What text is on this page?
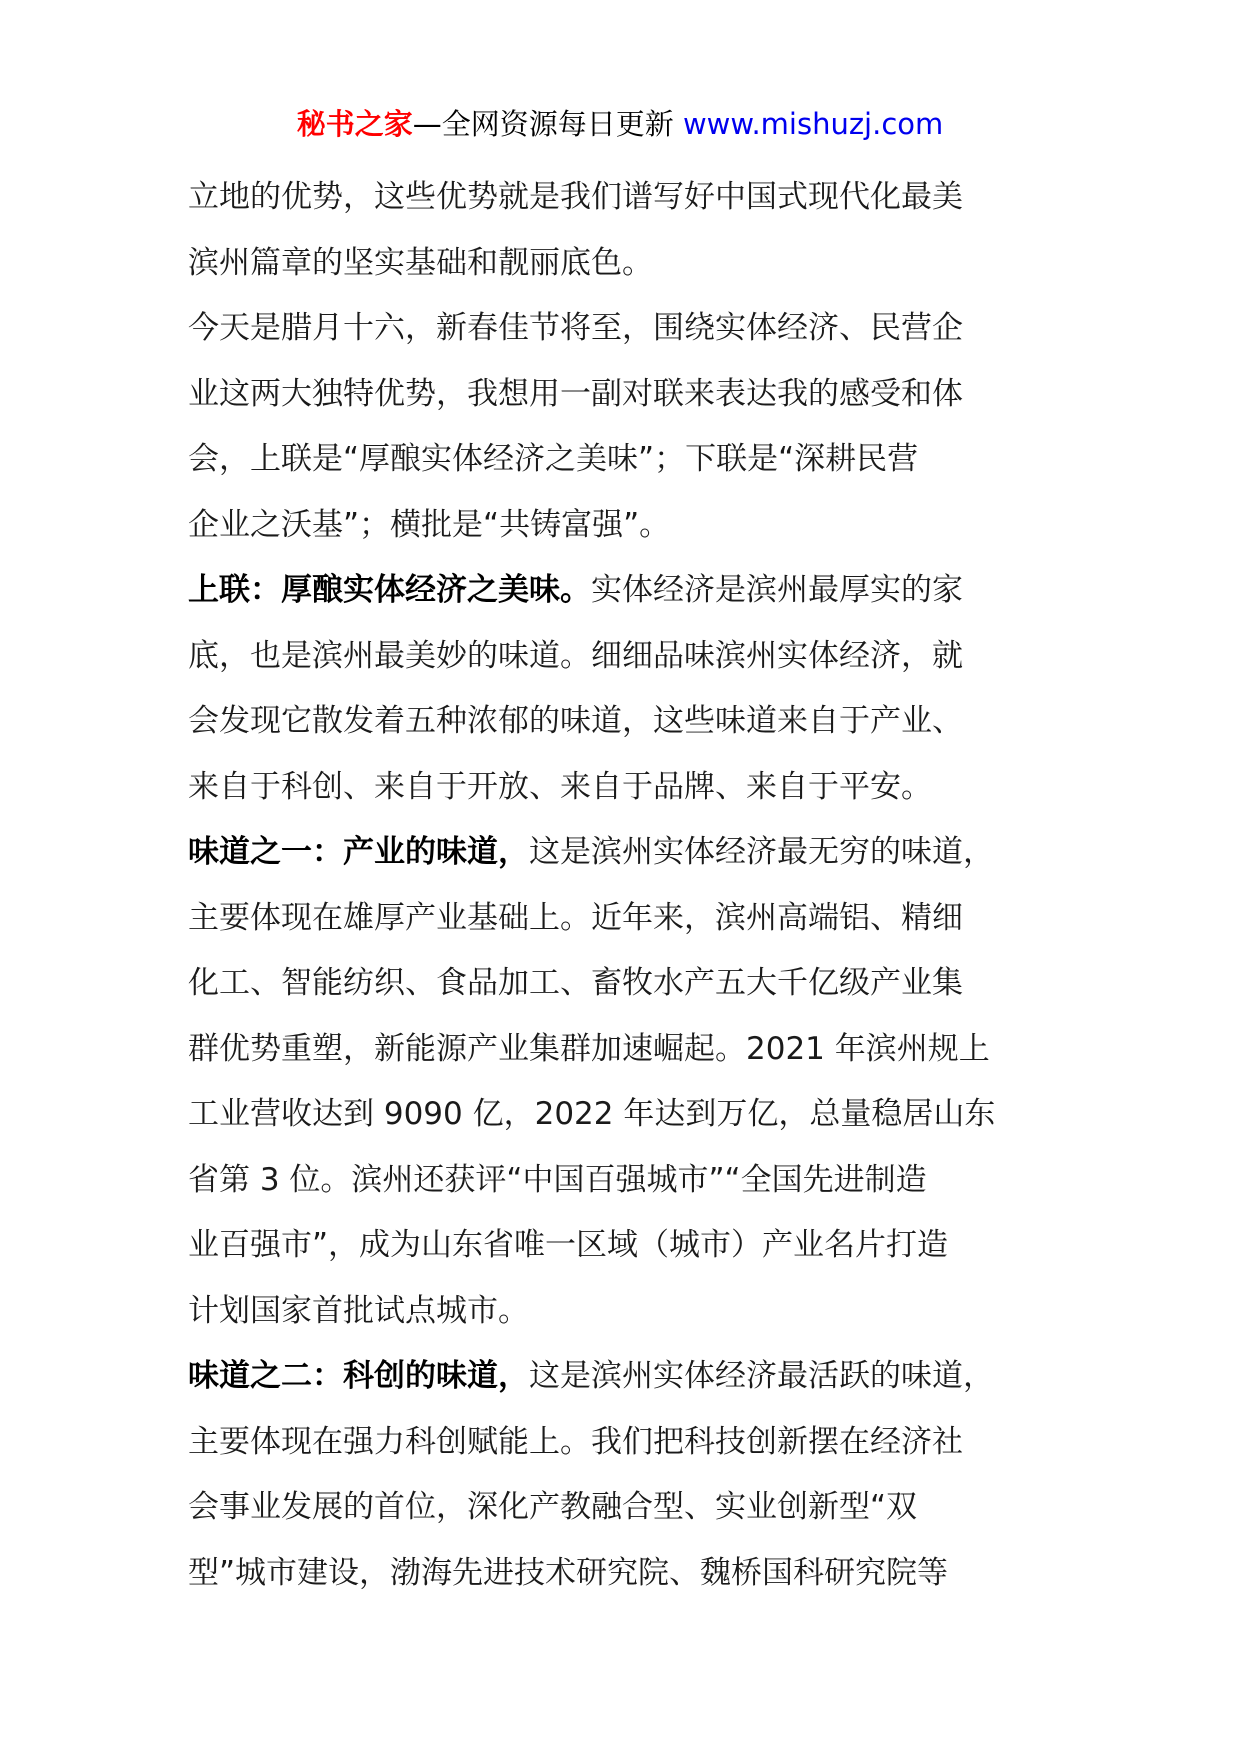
秘书之家—全网资源每日更新 www.mishuzj.com
立地的优势，这些优势就是我们谱写好中国式现代化最美
滨州篇章的坚实基础和靓丽底色。
今天是腊月十六，新春佳节将至，围绕实体经济、民营企
业这两大独特优势，我想用一副对联来表达我的感受和体
会，上联是“厚酿实体经济之美味”；下联是“深耕民营
企业之沃基”；横批是“共铸富强”。
上联：厚酿实体经济之美味。实体经济是滨州最厚实的家
底，也是滨州最美妙的味道。细细品味滨州实体经济，就
会发现它散发着五种浓郁的味道，这些味道来自于产业、
来自于科创、来自于开放、来自于品牌、来自于平安。
味道之一：产业的味道，这是滨州实体经济最无穷的味道，
主要体现在雄厚产业基础上。近年来，滨州高端铝、精细
化工、智能纺织、食品加工、畜牧水产五大千亿级产业集
群优势重塑，新能源产业集群加速崛起。2021 年滨州规上
工业营收达到 9090 亿，2022 年达到万亿，总量稳居山东
省第 3 位。滨州还获评“中国百强城市”“全国先进制造
业百强市”，成为山东省唯一区域（城市）产业名片打造
计划国家首批试点城市。
味道之二：科创的味道，这是滨州实体经济最活跃的味道，
主要体现在强力科创赋能上。我们把科技创新摆在经济社
会事业发展的首位，深化产教融合型、实业创新型“双
型”城市建设，渤海先进技术研究院、魏桥国科研究院等
